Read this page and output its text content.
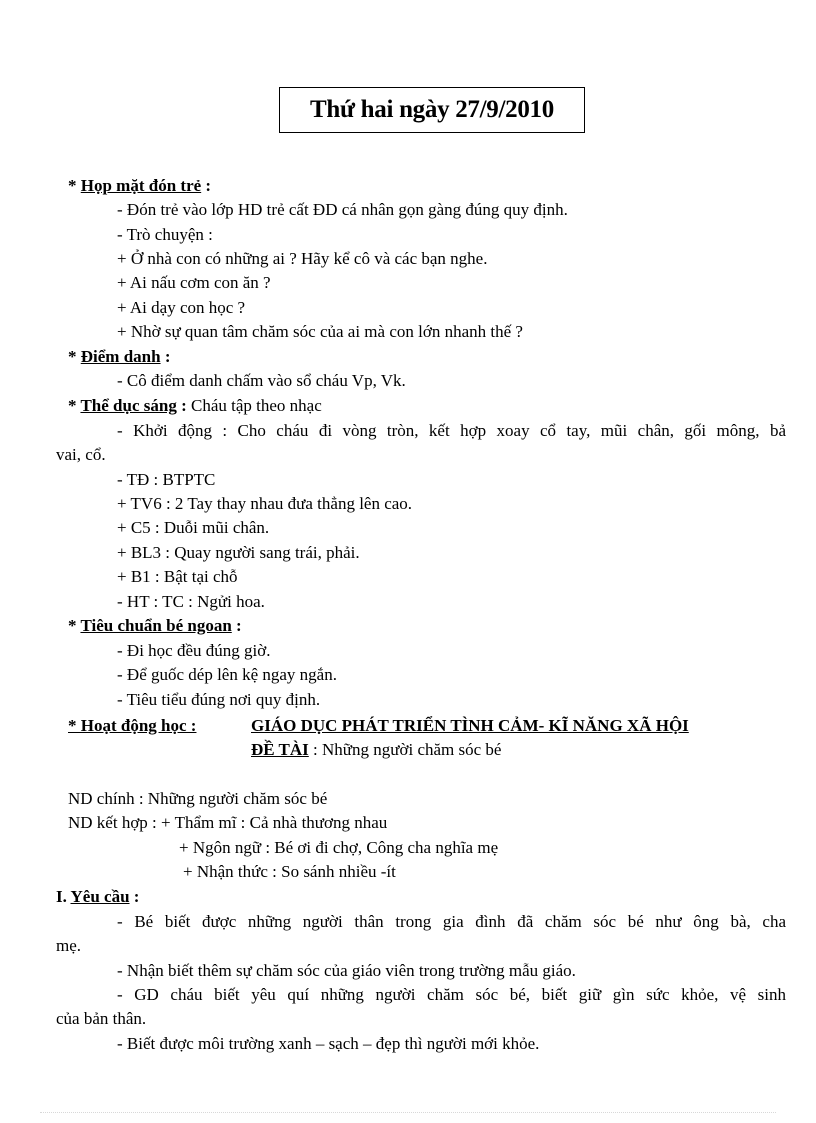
Thứ hai ngày 27/9/2010
* Họp mặt đón trẻ :
- Đón trẻ vào lớp HD trẻ cất ĐD cá nhân gọn gàng đúng quy định.
- Trò chuyện :
+ Ở nhà con có những ai ? Hãy kể cô và các bạn nghe.
+ Ai nấu cơm con ăn ?
+ Ai dạy con học ?
+ Nhờ sự quan tâm chăm sóc của ai mà con lớn nhanh thế ?
* Điểm danh :
- Cô điểm danh chấm vào sổ cháu Vp, Vk.
* Thể dục sáng : Cháu tập theo nhạc
- Khởi động : Cho cháu đi vòng tròn, kết hợp xoay cổ tay, mũi chân, gối mông, bả
vai, cổ.
- TĐ : BTPTC
+ TV6 : 2 Tay thay nhau đưa thẳng lên cao.
+ C5 : Duỗi mũi chân.
+ BL3 : Quay người sang trái, phải.
+ B1 : Bật tại chỗ
- HT : TC : Ngửi hoa.
* Tiêu chuẩn bé ngoan :
- Đi học đều đúng giờ.
- Để guốc dép lên kệ ngay ngắn.
- Tiêu tiểu đúng nơi quy định.
* Hoạt động học :	GIÁO DỤC PHÁT TRIỂN TÌNH CẢM- KĨ NĂNG XÃ HỘI
ĐỀ TÀI : Những người chăm sóc bé
ND chính : Những người chăm sóc bé
ND kết hợp : + Thẩm mĩ : Cả nhà thương nhau
+ Ngôn ngữ : Bé ơi đi chợ, Công cha nghĩa mẹ
+ Nhận thức : So sánh nhiều -ít
I. Yêu cầu :
- Bé biết được những người thân trong gia đình đã chăm sóc bé như ông bà, cha
mẹ.
- Nhận biết thêm sự chăm sóc của giáo viên trong trường mẫu giáo.
- GD cháu biết yêu quí những người chăm sóc bé, biết giữ gìn sức khỏe, vệ sinh
của bản thân.
- Biết được môi trường xanh – sạch – đẹp thì người mới khỏe.
